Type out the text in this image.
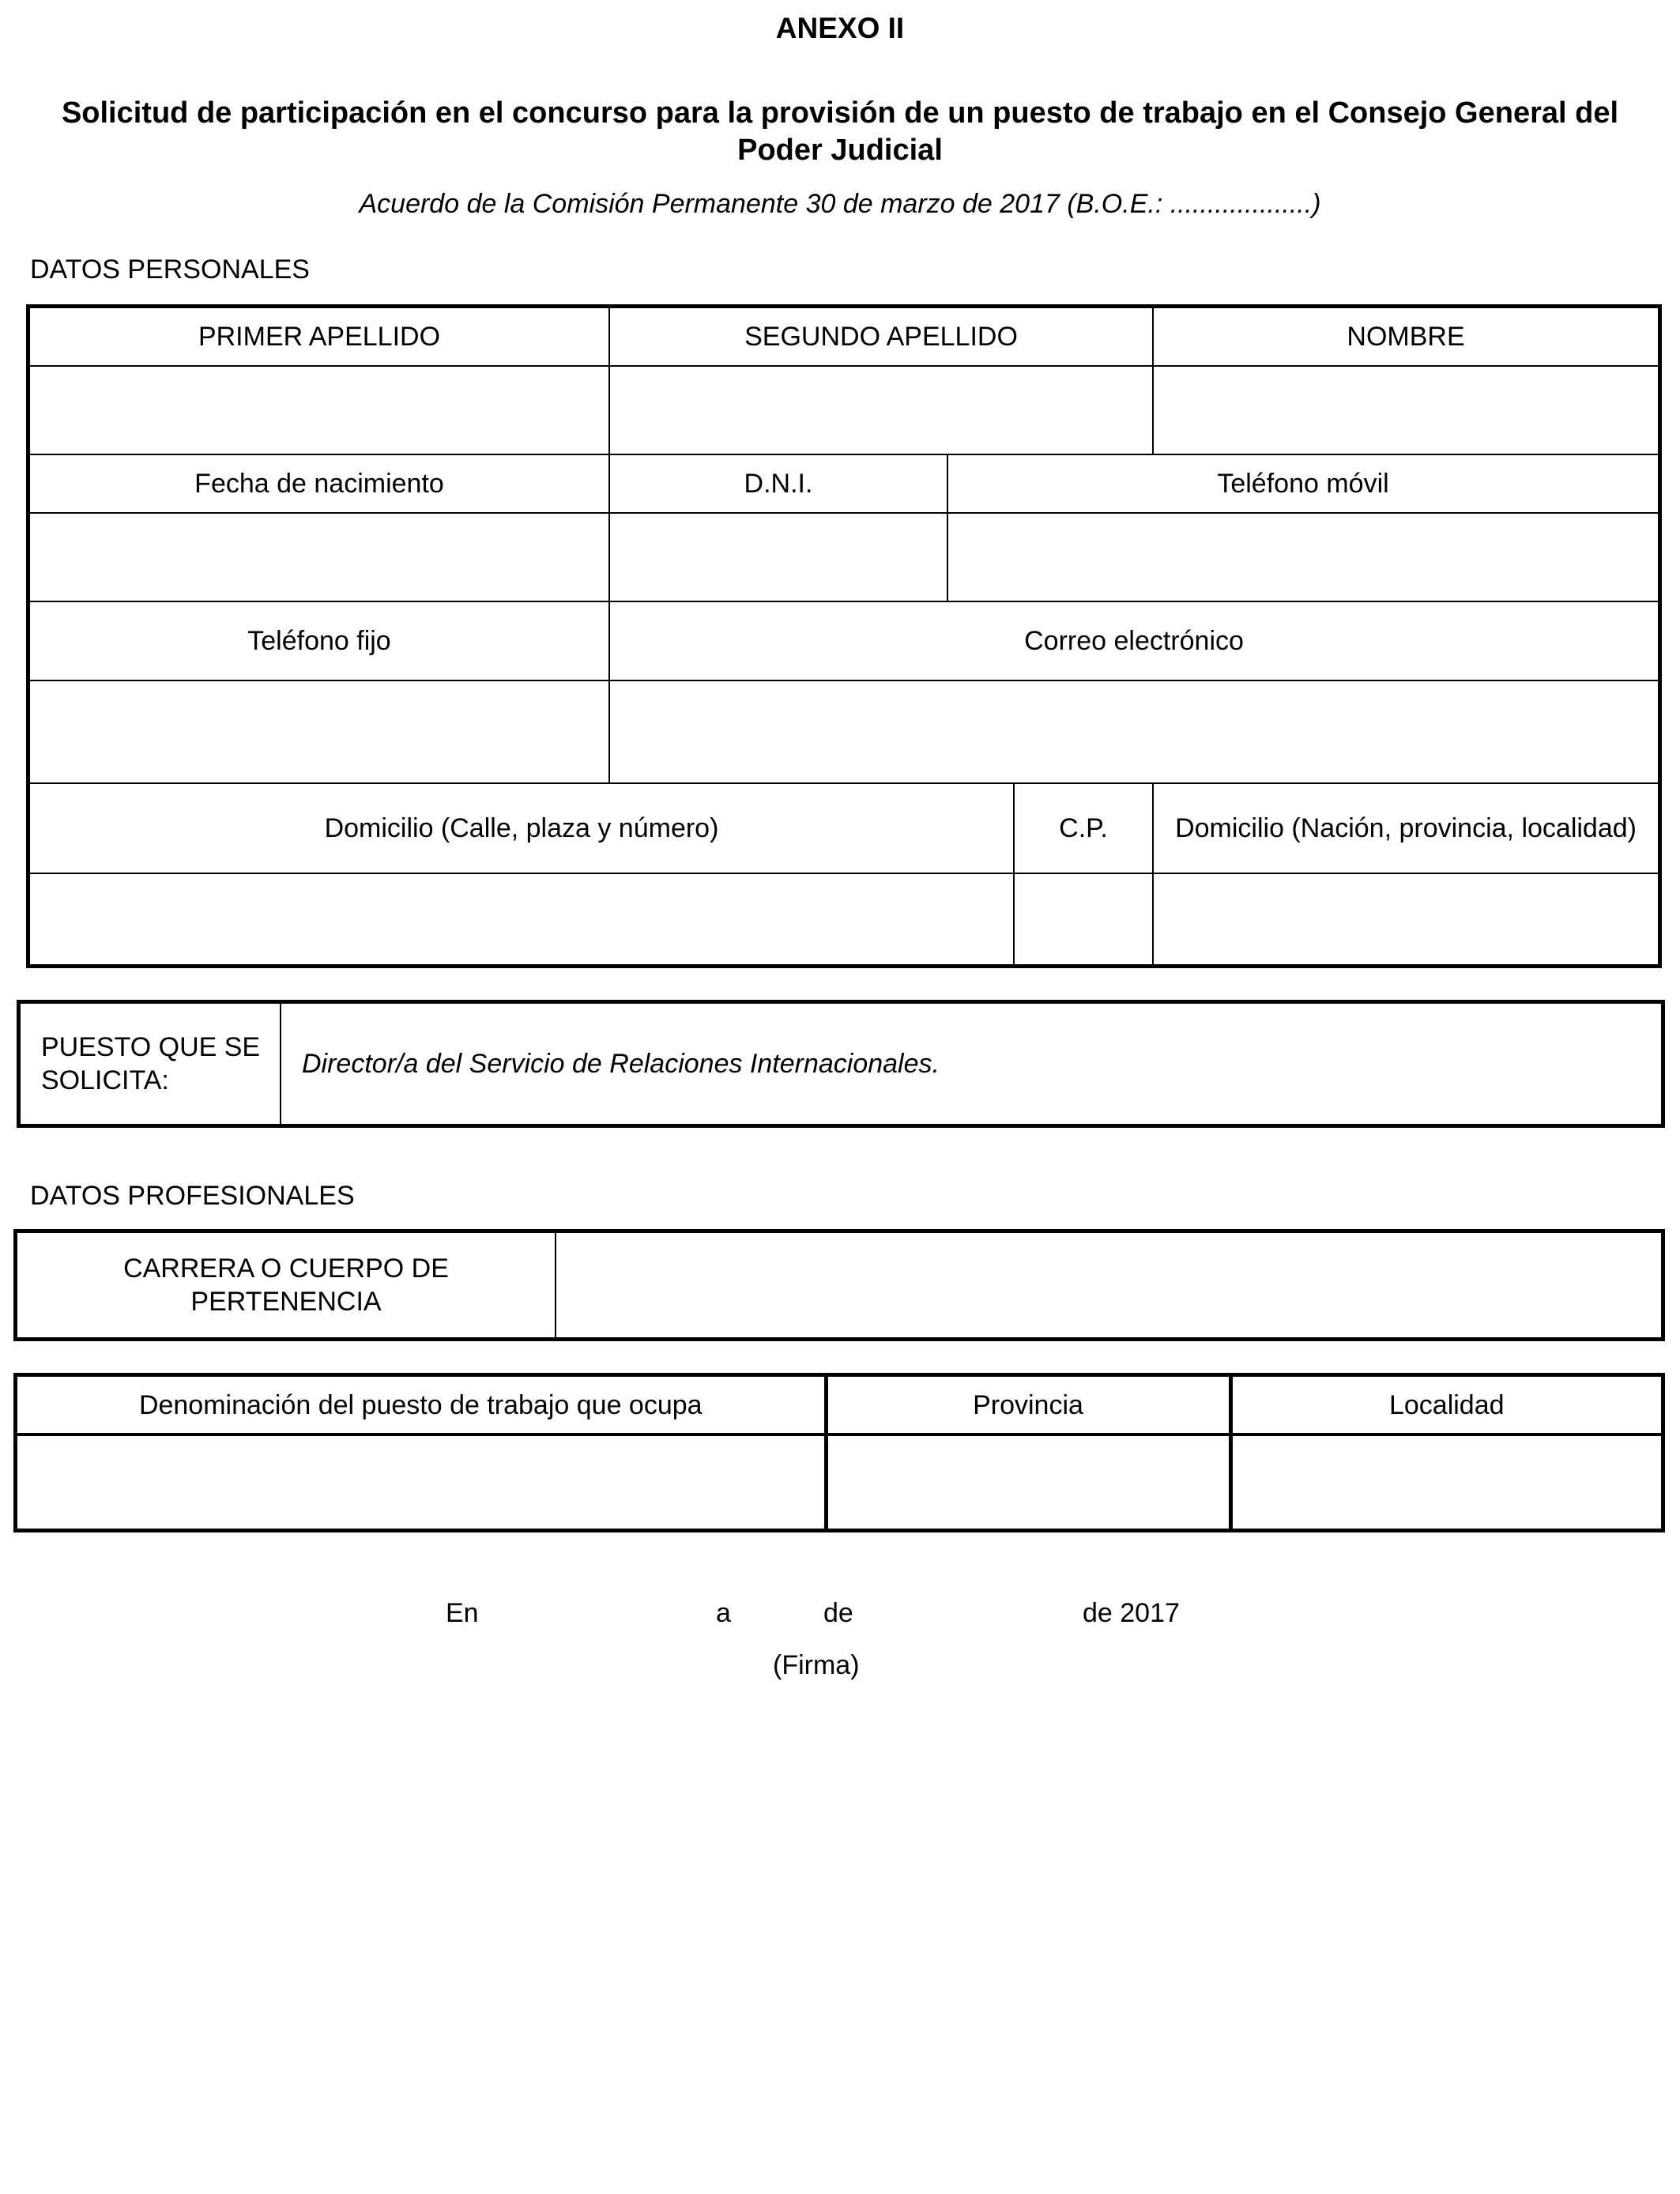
ANEXO II
Solicitud de participación en el concurso para la provisión de un puesto de trabajo en el Consejo General del Poder Judicial
Acuerdo de la Comisión Permanente 30 de marzo de 2017 (B.O.E.: ...................)
DATOS PERSONALES
PRIMER APELLIDO	SEGUNDO APELLIDO			NOMBRE

Fecha de nacimiento	D.N.I.	Teléfono móvil		

Teléfono fijo	Correo electrónico			

Domicilio (Calle, plaza y número)			C.P.	Domicilio (Nación, provincia, localidad)

PUESTO QUE SE SOLICITA:	Director/a del Servicio de Relaciones Internacionales.
DATOS PROFESIONALES
CARRERA O CUERPO DE PERTENENCIA	
Denominación del puesto de trabajo que ocupa	Provincia	Localidad

En	a	de	de 2017
(Firma)
